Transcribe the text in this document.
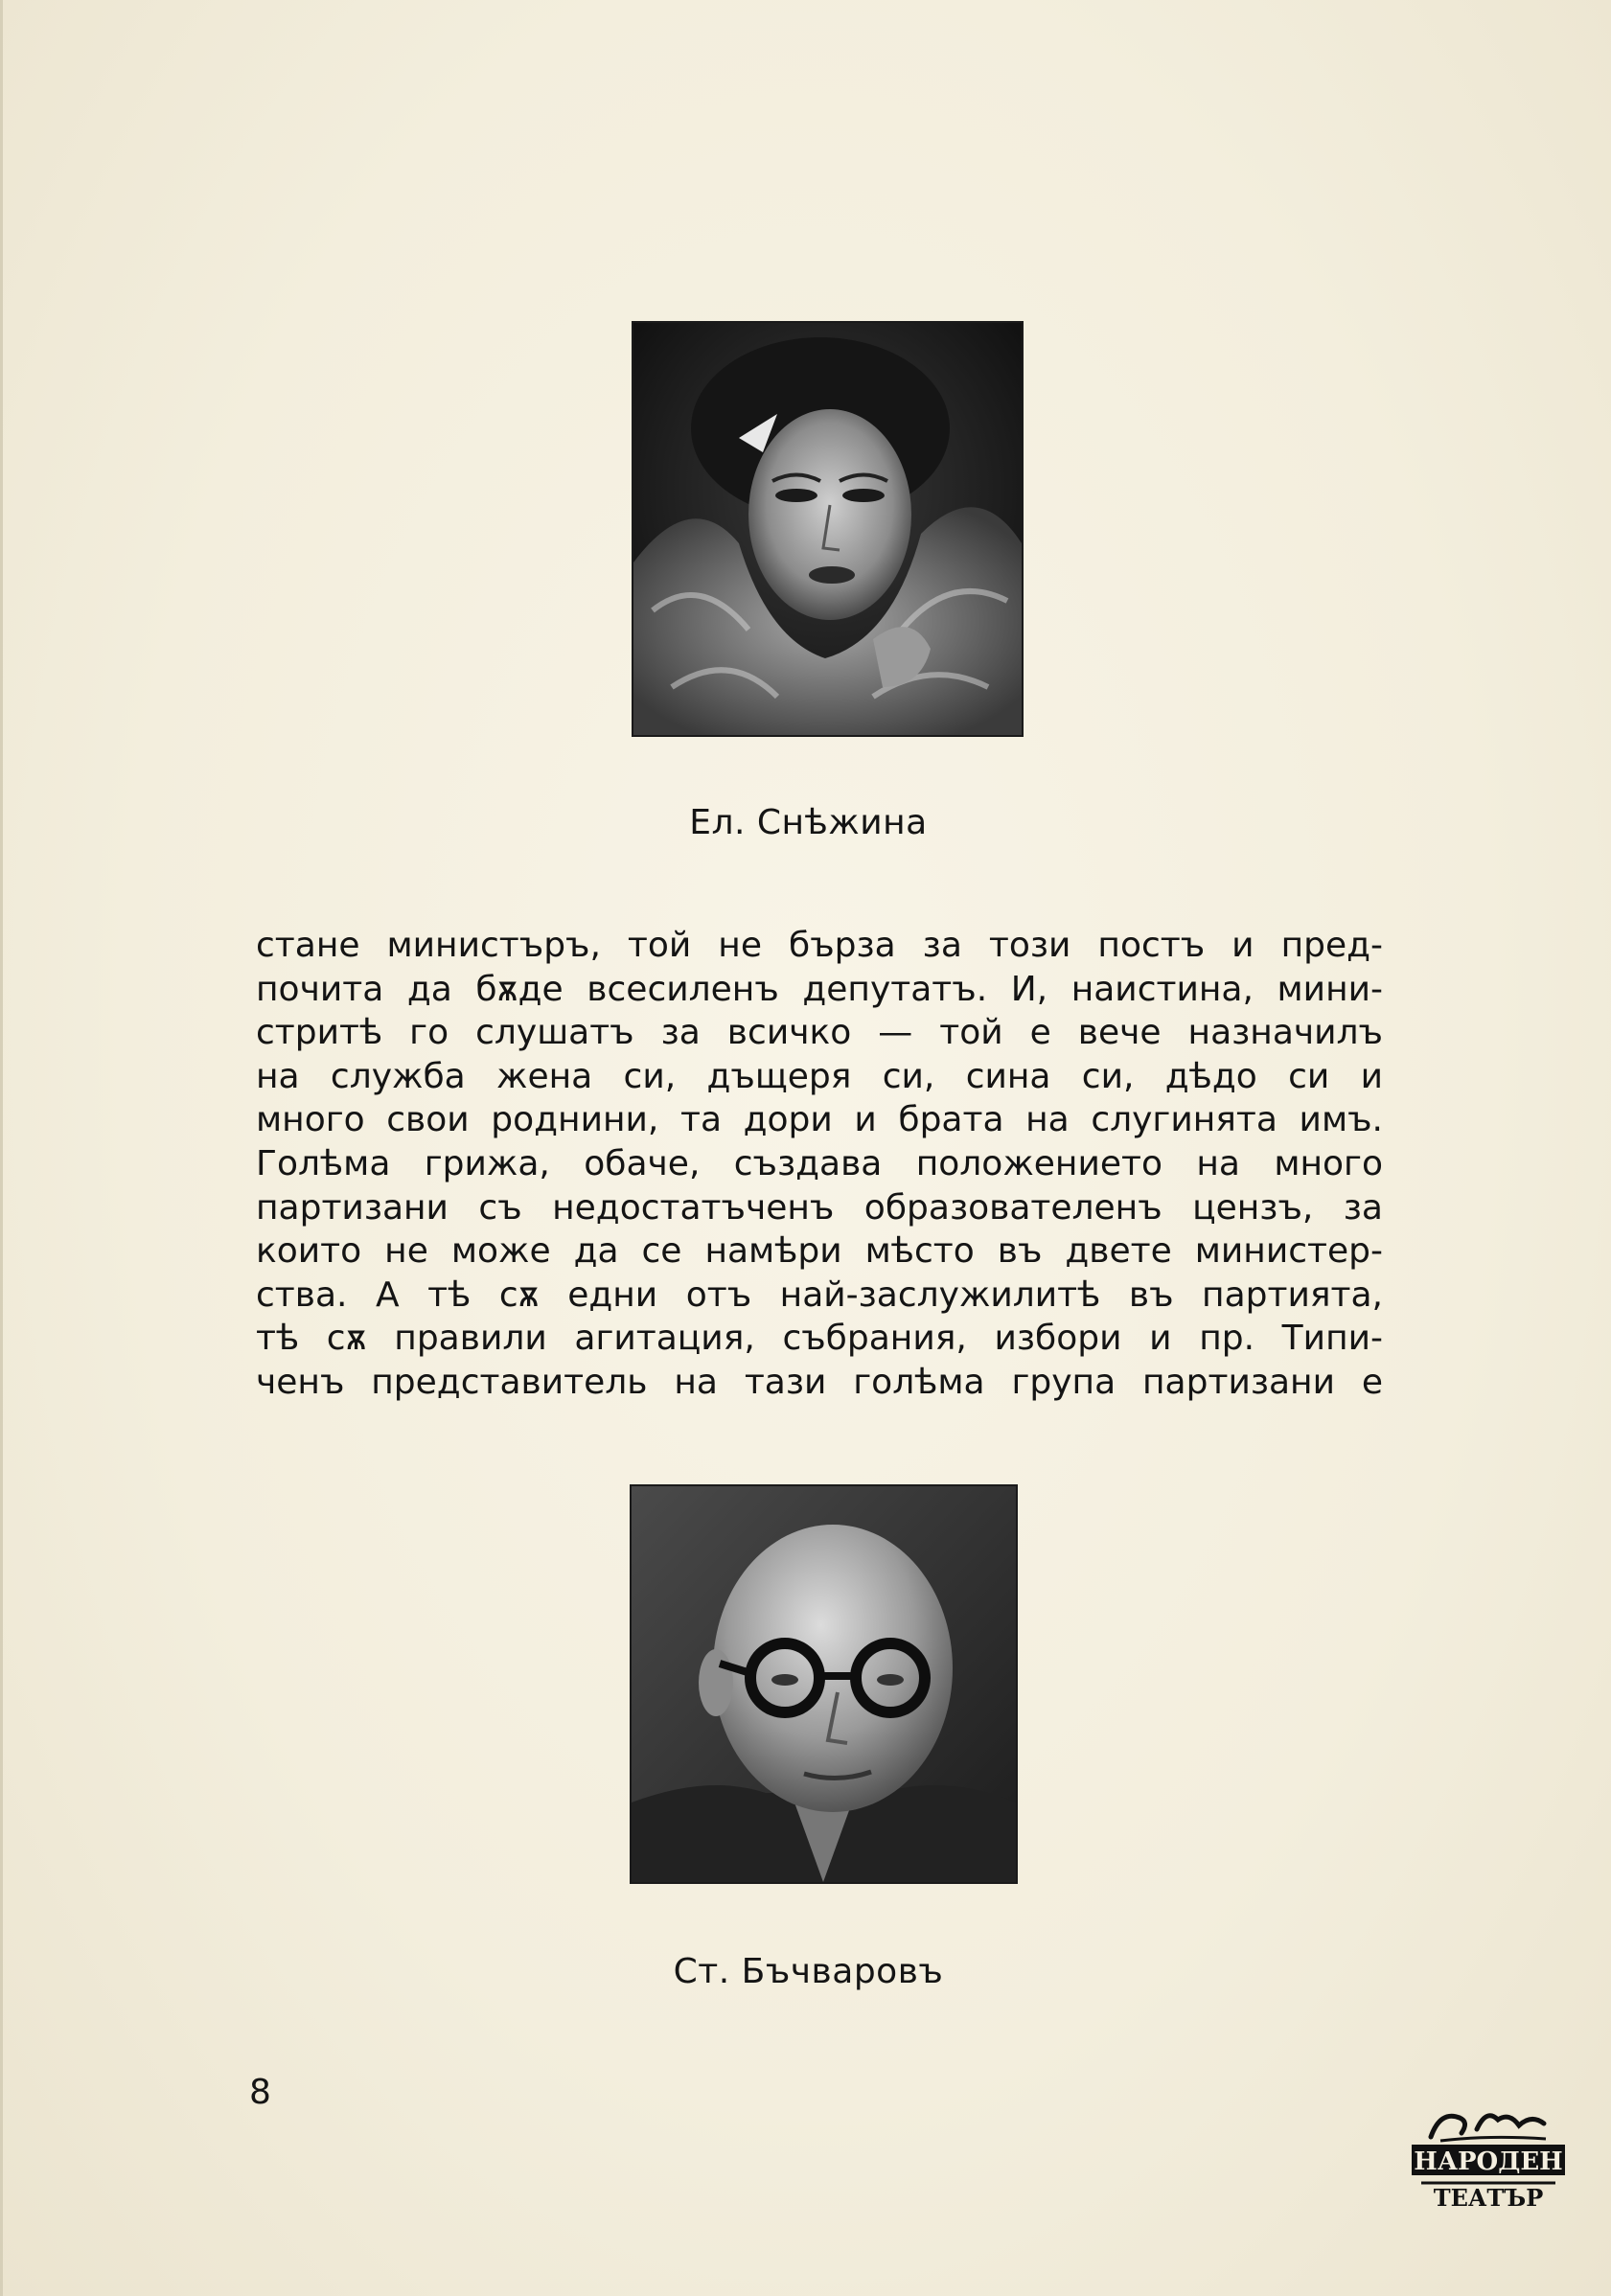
Ел. Снѣжина
стане министъръ, той не бърза за този постъ и пред-
почита да бѫде всесиленъ депутатъ. И, наистина, мини-
стритѣ го слушатъ за всичко — той е вече назначилъ
на служба жена си, дъщеря си, сина си, дѣдо си и
много свои роднини, та дори и брата на слугинята имъ.
Голѣма грижа, обаче, създава положението на много
партизани съ недостатъченъ образователенъ цензъ, за
които не може да се намѣри мѣсто въ двете министер-
ства. А тѣ сѫ едни отъ най-заслужилитѣ въ партията,
тѣ сѫ правили агитация, събрания, избори и пр. Типи-
ченъ представитель на тази голѣма група партизани е
Ст. Бъчваровъ
8
НАРОДЕН
ТЕАТЪР
